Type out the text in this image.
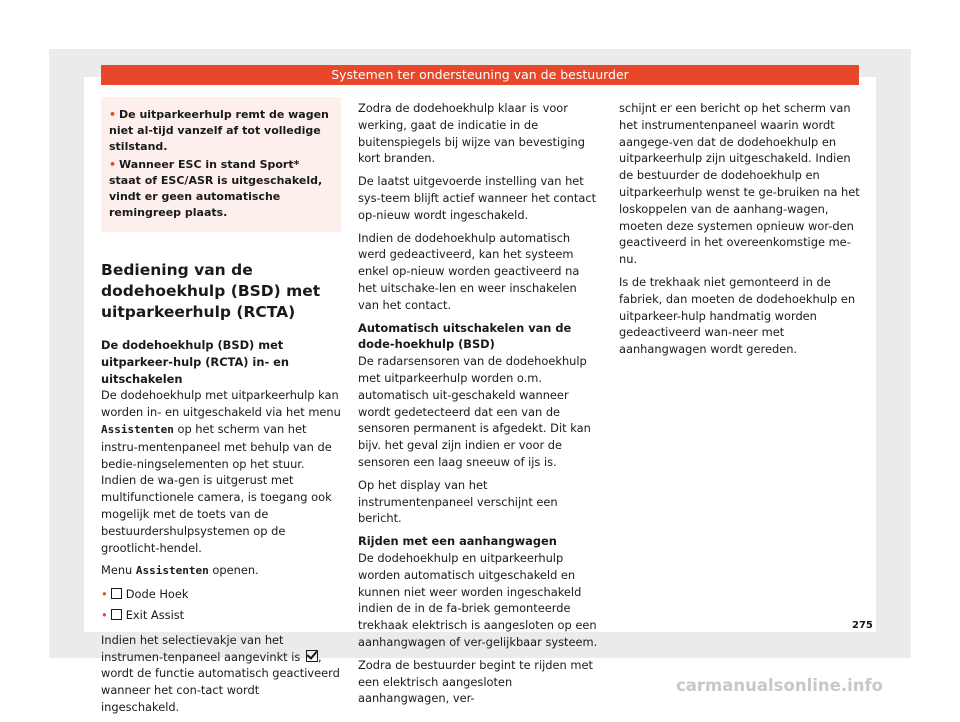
Systemen ter ondersteuning van de bestuurder

• De uitparkeerhulp remt de wagen niet al-tijd vanzelf af tot volledige stilstand.

• Wanneer ESC in stand Sport* staat of ESC/ASR is uitgeschakeld, vindt er geen automatische remingreep plaats.

Bediening van de dodehoekhulp (BSD) met uitparkeerhulp (RCTA)
De dodehoekhulp (BSD) met uitparkeer-hulp (RCTA) in- en uitschakelen

De dodehoekhulp met uitparkeerhulp kan worden in- en uitgeschakeld via het menu Assistenten op het scherm van het instru-mentenpaneel met behulp van de bedie-ningselementen op het stuur. Indien de wa-gen is uitgerust met multifunctionele camera, is toegang ook mogelijk met de toets van de bestuurdershulpsystemen op de grootlicht-hendel.

Menu Assistenten openen.

• Dode Hoek

• Exit Assist

Indien het selectievakje van het instrumen-tenpaneel aangevinkt is , wordt de functie automatisch geactiveerd wanneer het con-tact wordt ingeschakeld.

Zodra de dodehoekhulp klaar is voor werking, gaat de indicatie in de buitenspiegels bij wijze van bevestiging kort branden.

De laatst uitgevoerde instelling van het sys-teem blijft actief wanneer het contact op-nieuw wordt ingeschakeld.

Indien de dodehoekhulp automatisch werd gedeactiveerd, kan het systeem enkel op-nieuw worden geactiveerd na het uitschake-len en weer inschakelen van het contact.

Automatisch uitschakelen van de dode-hoekhulp (BSD)

De radarsensoren van de dodehoekhulp met uitparkeerhulp worden o.m. automatisch uit-geschakeld wanneer wordt gedetecteerd dat een van de sensoren permanent is afgedekt. Dit kan bijv. het geval zijn indien er voor de sensoren een laag sneeuw of ijs is.

Op het display van het instrumentenpaneel verschijnt een bericht.

Rijden met een aanhangwagen

De dodehoekhulp en uitparkeerhulp worden automatisch uitgeschakeld en kunnen niet weer worden ingeschakeld indien de in de fa-briek gemonteerde trekhaak elektrisch is aangesloten op een aanhangwagen of ver-gelijkbaar systeem.

Zodra de bestuurder begint te rijden met een elektrisch aangesloten aanhangwagen, ver-

schijnt er een bericht op het scherm van het instrumentenpaneel waarin wordt aangege-ven dat de dodehoekhulp en uitparkeerhulp zijn uitgeschakeld. Indien de bestuurder de dodehoekhulp en uitparkeerhulp wenst te ge-bruiken na het loskoppelen van de aanhang-wagen, moeten deze systemen opnieuw wor-den geactiveerd in het overeenkomstige me-nu.

Is de trekhaak niet gemonteerd in de fabriek, dan moeten de dodehoekhulp en uitparkeer-hulp handmatig worden gedeactiveerd wan-neer met aanhangwagen wordt gereden.

275
carmanualsonline.info
